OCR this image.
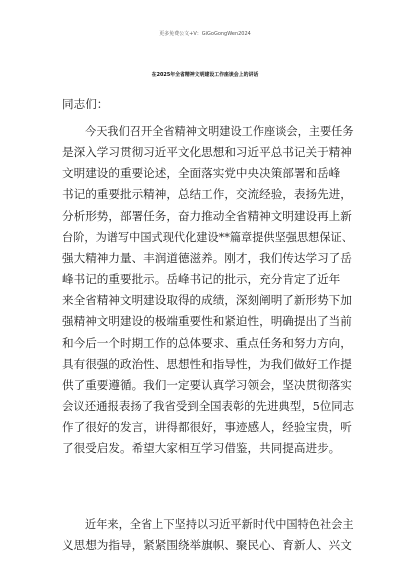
更多免费公文+V：GiGoGongWen2024
在2025年全省精神文明建设工作座谈会上的讲话
同志们：
今天我们召开全省精神文明建设工作座谈会，主要任务
是深入学习贯彻习近平文化思想和习近平总书记关于精神
文明建设的重要论述，全面落实党中央决策部署和岳峰
书记的重要批示精神，总结工作，交流经验，表扬先进，
分析形势，部署任务，奋力推动全省精神文明建设再上新
台阶，为谱写中国式现代化建设**篇章提供坚强思想保证、
强大精神力量、丰润道德滋养。刚才，我们传达学习了岳
峰书记的重要批示。岳峰书记的批示，充分肯定了近年
来全省精神文明建设取得的成绩，深刻阐明了新形势下加
强精神文明建设的极端重要性和紧迫性，明确提出了当前
和今后一个时期工作的总体要求、重点任务和努力方向，
具有很强的政治性、思想性和指导性，为我们做好工作提
供了重要遵循。我们一定要认真学习领会，坚决贯彻落实
会议还通报表扬了我省受到全国表彰的先进典型，5位同志
作了很好的发言，讲得都很好，事迹感人，经验宝贵，听
了很受启发。希望大家相互学习借鉴，共同提高进步。
近年来，全省上下坚持以习近平新时代中国特色社会主
义思想为指导，紧紧围绕举旗帜、聚民心、育新人、兴文
